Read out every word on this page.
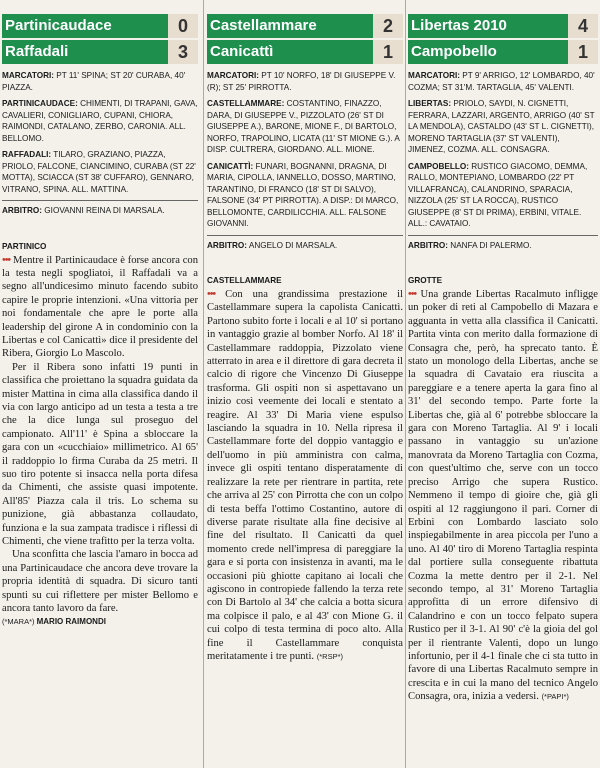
Partinicaudace	0
Raffadali	3

MARCATORI: PT 11' SPINA; ST 20' CURABA, 40' PIAZZA.

PARTINICAUDACE: CHIMENTI, DI TRAPANI, GAVA, CAVALIERI, CONIGLIARO, CUPANI, CHIORA, RAIMONDI, CATALANO, ZERBO, CARONIA. ALL. BELLOMO.

RAFFADALI: TILARO, GRAZIANO, PIAZZA, PRIOLO, FALCONE, CIANCIMINO, CURABA (ST 22' MOTTA), SCIACCA (ST 38' CUFFARO), GENNARO, VITRANO, SPINA. ALL. MATTINA.

ARBITRO: GIOVANNI REINA DI MARSALA.

PARTINICO

••• Mentre il Partinicaudace è forse ancora con la testa negli spogliatoi, il Raffadali va a segno all'undicesimo minuto facendo subito capire le proprie intenzioni. «Una vittoria per noi fondamentale che apre le porte alla leadership del girone A in condominio con la Libertas e col Canicattì» dice il presidente del Ribera, Giorgio Lo Mascolo.

Per il Ribera sono infatti 19 punti in classifica che proiettano la squadra guidata da mister Mattina in cima alla classifica dando il via con largo anticipo ad un testa a testa a tre che la dice lunga sul proseguo del campionato. All'11' è Spina a sbloccare la gara con un «cucchiaio» millimetrico. Al 65' il raddoppio lo firma Curaba da 25 metri. Il suo tiro potente si insacca nella porta difesa da Chimenti, che assiste quasi impotente. All'85' Piazza cala il tris. Lo schema su punizione, già abbastanza collaudato, funziona e la sua zampata tradisce i riflessi di Chimenti, che viene trafitto per la terza volta.

Una sconfitta che lascia l'amaro in bocca ad una Partinicaudace che ancora deve trovare la propria identità di squadra. Di sicuro tanti spunti su cui riflettere per mister Bellomo e ancora tanto lavoro da fare.

(*MARA*) MARIO RAIMONDI
Castellammare	2
Canicattì	1

MARCATORI: PT 10' NORFO, 18' DI GIUSEPPE V. (R); ST 25' PIRROTTA.

CASTELLAMMARE: COSTANTINO, FINAZZO, DARA, DI GIUSEPPE V., PIZZOLATO (26' ST DI GIUSEPPE A.), BARONE, MIONE F., DI BARTOLO, NORFO, TRAPOLINO, LICATA (11' ST MIONE G.). A DISP. CULTRERA, GIORDANO. ALL. MIONE.

CANICATTÌ: FUNARI, BOGNANNI, DRAGNA, DI MARIA, CIPOLLA, IANNELLO, DOSSO, MARTINO, TARANTINO, DI FRANCO (18' ST DI SALVO), FALSONE (34' PT PIRROTTA). A DISP.: DI MARCO, BELLOMONTE, CARDILICCHIA. ALL. FALSONE GIOVANNI.

ARBITRO: ANGELO DI MARSALA.

CASTELLAMMARE

••• Con una grandissima prestazione il Castellammare supera la capolista Canicattì. Partono subito forte i locali e al 10' si portano in vantaggio grazie al bomber Norfo. Al 18' il Castellammare raddoppia, Pizzolato viene atterrato in area e il direttore di gara decreta il calcio di rigore che Vincenzo Di Giuseppe trasforma. Gli ospiti non si aspettavano un inizio così veemente dei locali e stentato a reagire. Al 33' Di Maria viene espulso lasciando la squadra in 10. Nella ripresa il Castellammare forte del doppio vantaggio e dell'uomo in più amministra con calma, invece gli ospiti tentano disperatamente di realizzare la rete per rientrare in partita, rete che arriva al 25' con Pirrotta che con un colpo di testa beffa l'ottimo Costantino, autore di diverse parate risultate alla fine decisive al fine del risultato. Il Canicattì da quel momento crede nell'impresa di pareggiare la gara e si porta con insistenza in avanti, ma le occasioni più ghiotte capitano ai locali che agiscono in contropiede fallendo la terza rete con Di Bartolo al 34' che calcia a botta sicura ma colpisce il palo, e al 43' con Mione G. il cui colpo di testa termina di poco alto. Alla fine il Castellammare conquista meritatamente i tre punti. (*RSP*)

Libertas 2010	4
Campobello	1

MARCATORI: PT 9' ARRIGO, 12' LOMBARDO, 40' COZMA; ST 31'M. TARTAGLIA, 45' VALENTI.

LIBERTAS: PRIOLO, SAYDI, N. CIGNETTI, FERRARA, LAZZARI, ARGENTO, ARRIGO (40' ST LA MENDOLA), CASTALDO (43' ST L. CIGNETTI), MORENO TARTAGLIA (37' ST VALENTI), JIMENEZ, COZMA. ALL. CONSAGRA.

CAMPOBELLO: RUSTICO GIACOMO, DEMMA, RALLO, MONTEPIANO, LOMBARDO (22' PT VILLAFRANCA), CALANDRINO, SPARACIA, NIZZOLA (25' ST LA ROCCA), RUSTICO GIUSEPPE (8' ST DI PRIMA), ERBINI, VITALE. ALL.: CAVATAIO.

ARBITRO: NANFA DI PALERMO.

GROTTE

••• Una grande Libertas Racalmuto infligge un poker di reti al Campobello di Mazara e agguanta in vetta alla classifica il Canicattì. Partita vinta con merito dalla formazione di Consagra che, però, ha sprecato tanto. È stato un monologo della Libertas, anche se la squadra di Cavataio era riuscita a pareggiare e a tenere aperta la gara fino al 31' del secondo tempo. Parte forte la Libertas che, già al 6' potrebbe sbloccare la gara con Moreno Tartaglia. Al 9' i locali passano in vantaggio su un'azione manovrata da Moreno Tartaglia con Cozma, con quest'ultimo che, serve con un tocco preciso Arrigo che supera Rustico. Nemmeno il tempo di gioire che, già gli ospiti al 12 raggiungono il pari. Corner di Erbini con Lombardo lasciato solo inspiegabilmente in area piccola per l'uno a uno. Al 40' tiro di Moreno Tartaglia respinta dal portiere sulla conseguente ribattuta Cozma la mette dentro per il 2-1. Nel secondo tempo, al 31' Moreno Tartaglia approfitta di un errore difensivo di Calandrino e con un tocco felpato supera Rustico per il 3-1. Al 90' c'è la gioia del gol per il rientrante Valenti, dopo un lungo infortunio, per il 4-1 finale che ci sta tutto in favore di una Libertas Racalmuto sempre in crescita e in cui la mano del tecnico Angelo Consagra, ora, inizia a vedersi. (*PAPI*)
